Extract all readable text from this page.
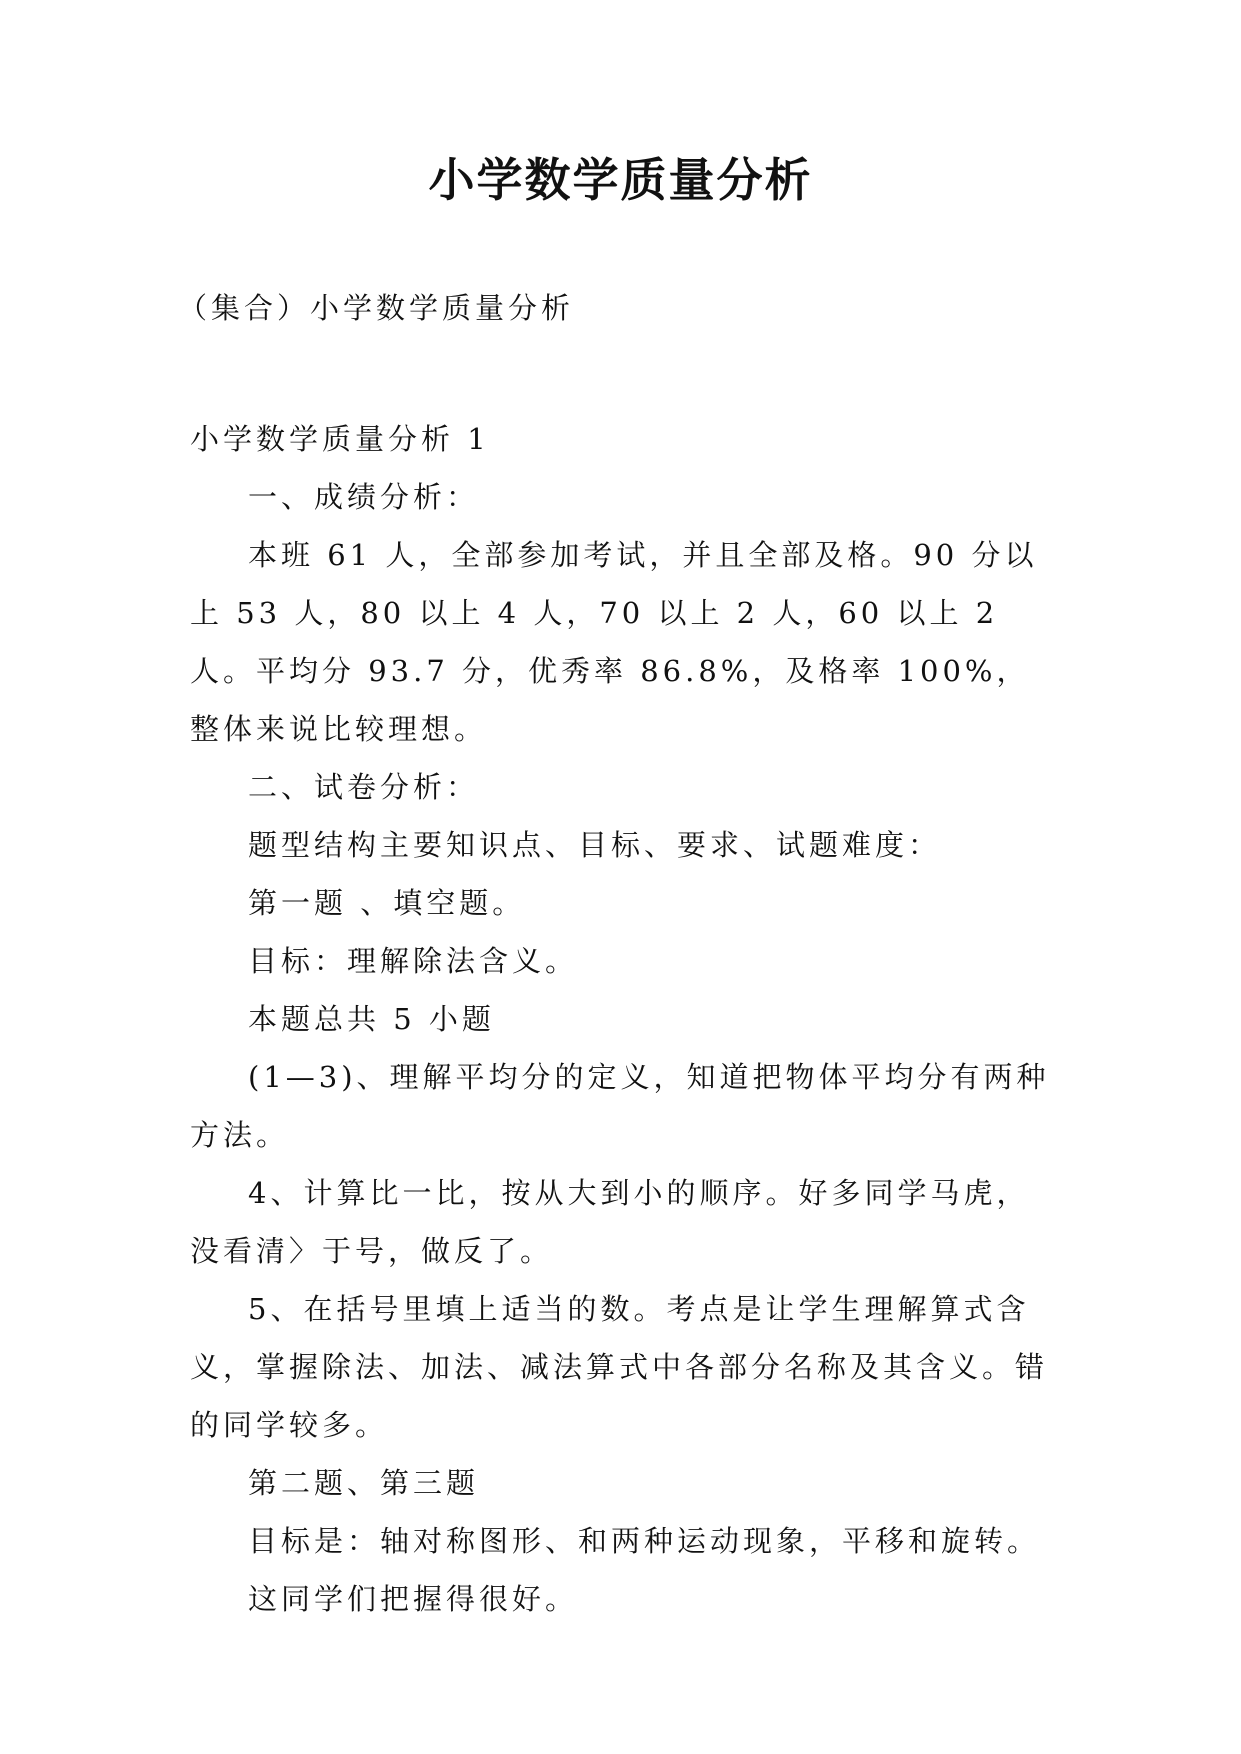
小学数学质量分析
（集合）小学数学质量分析

小学数学质量分析 1

一、成绩分析：

本班 61 人，全部参加考试，并且全部及格。90 分以上 53 人，80 以上 4 人，70 以上 2 人，60 以上 2 人。平均分 93.7 分，优秀率 86.8%，及格率 100%，整体来说比较理想。

二、试卷分析：

题型结构主要知识点、目标、要求、试题难度：

第一题 、填空题。

目标：理解除法含义。

本题总共 5 小题

(1—3)、理解平均分的定义，知道把物体平均分有两种方法。

4、计算比一比，按从大到小的顺序。好多同学马虎，没看清〉于号，做反了。

5、在括号里填上适当的数。考点是让学生理解算式含义，掌握除法、加法、减法算式中各部分名称及其含义。错的同学较多。

第二题、第三题

目标是：轴对称图形、和两种运动现象，平移和旋转。

这同学们把握得很好。
